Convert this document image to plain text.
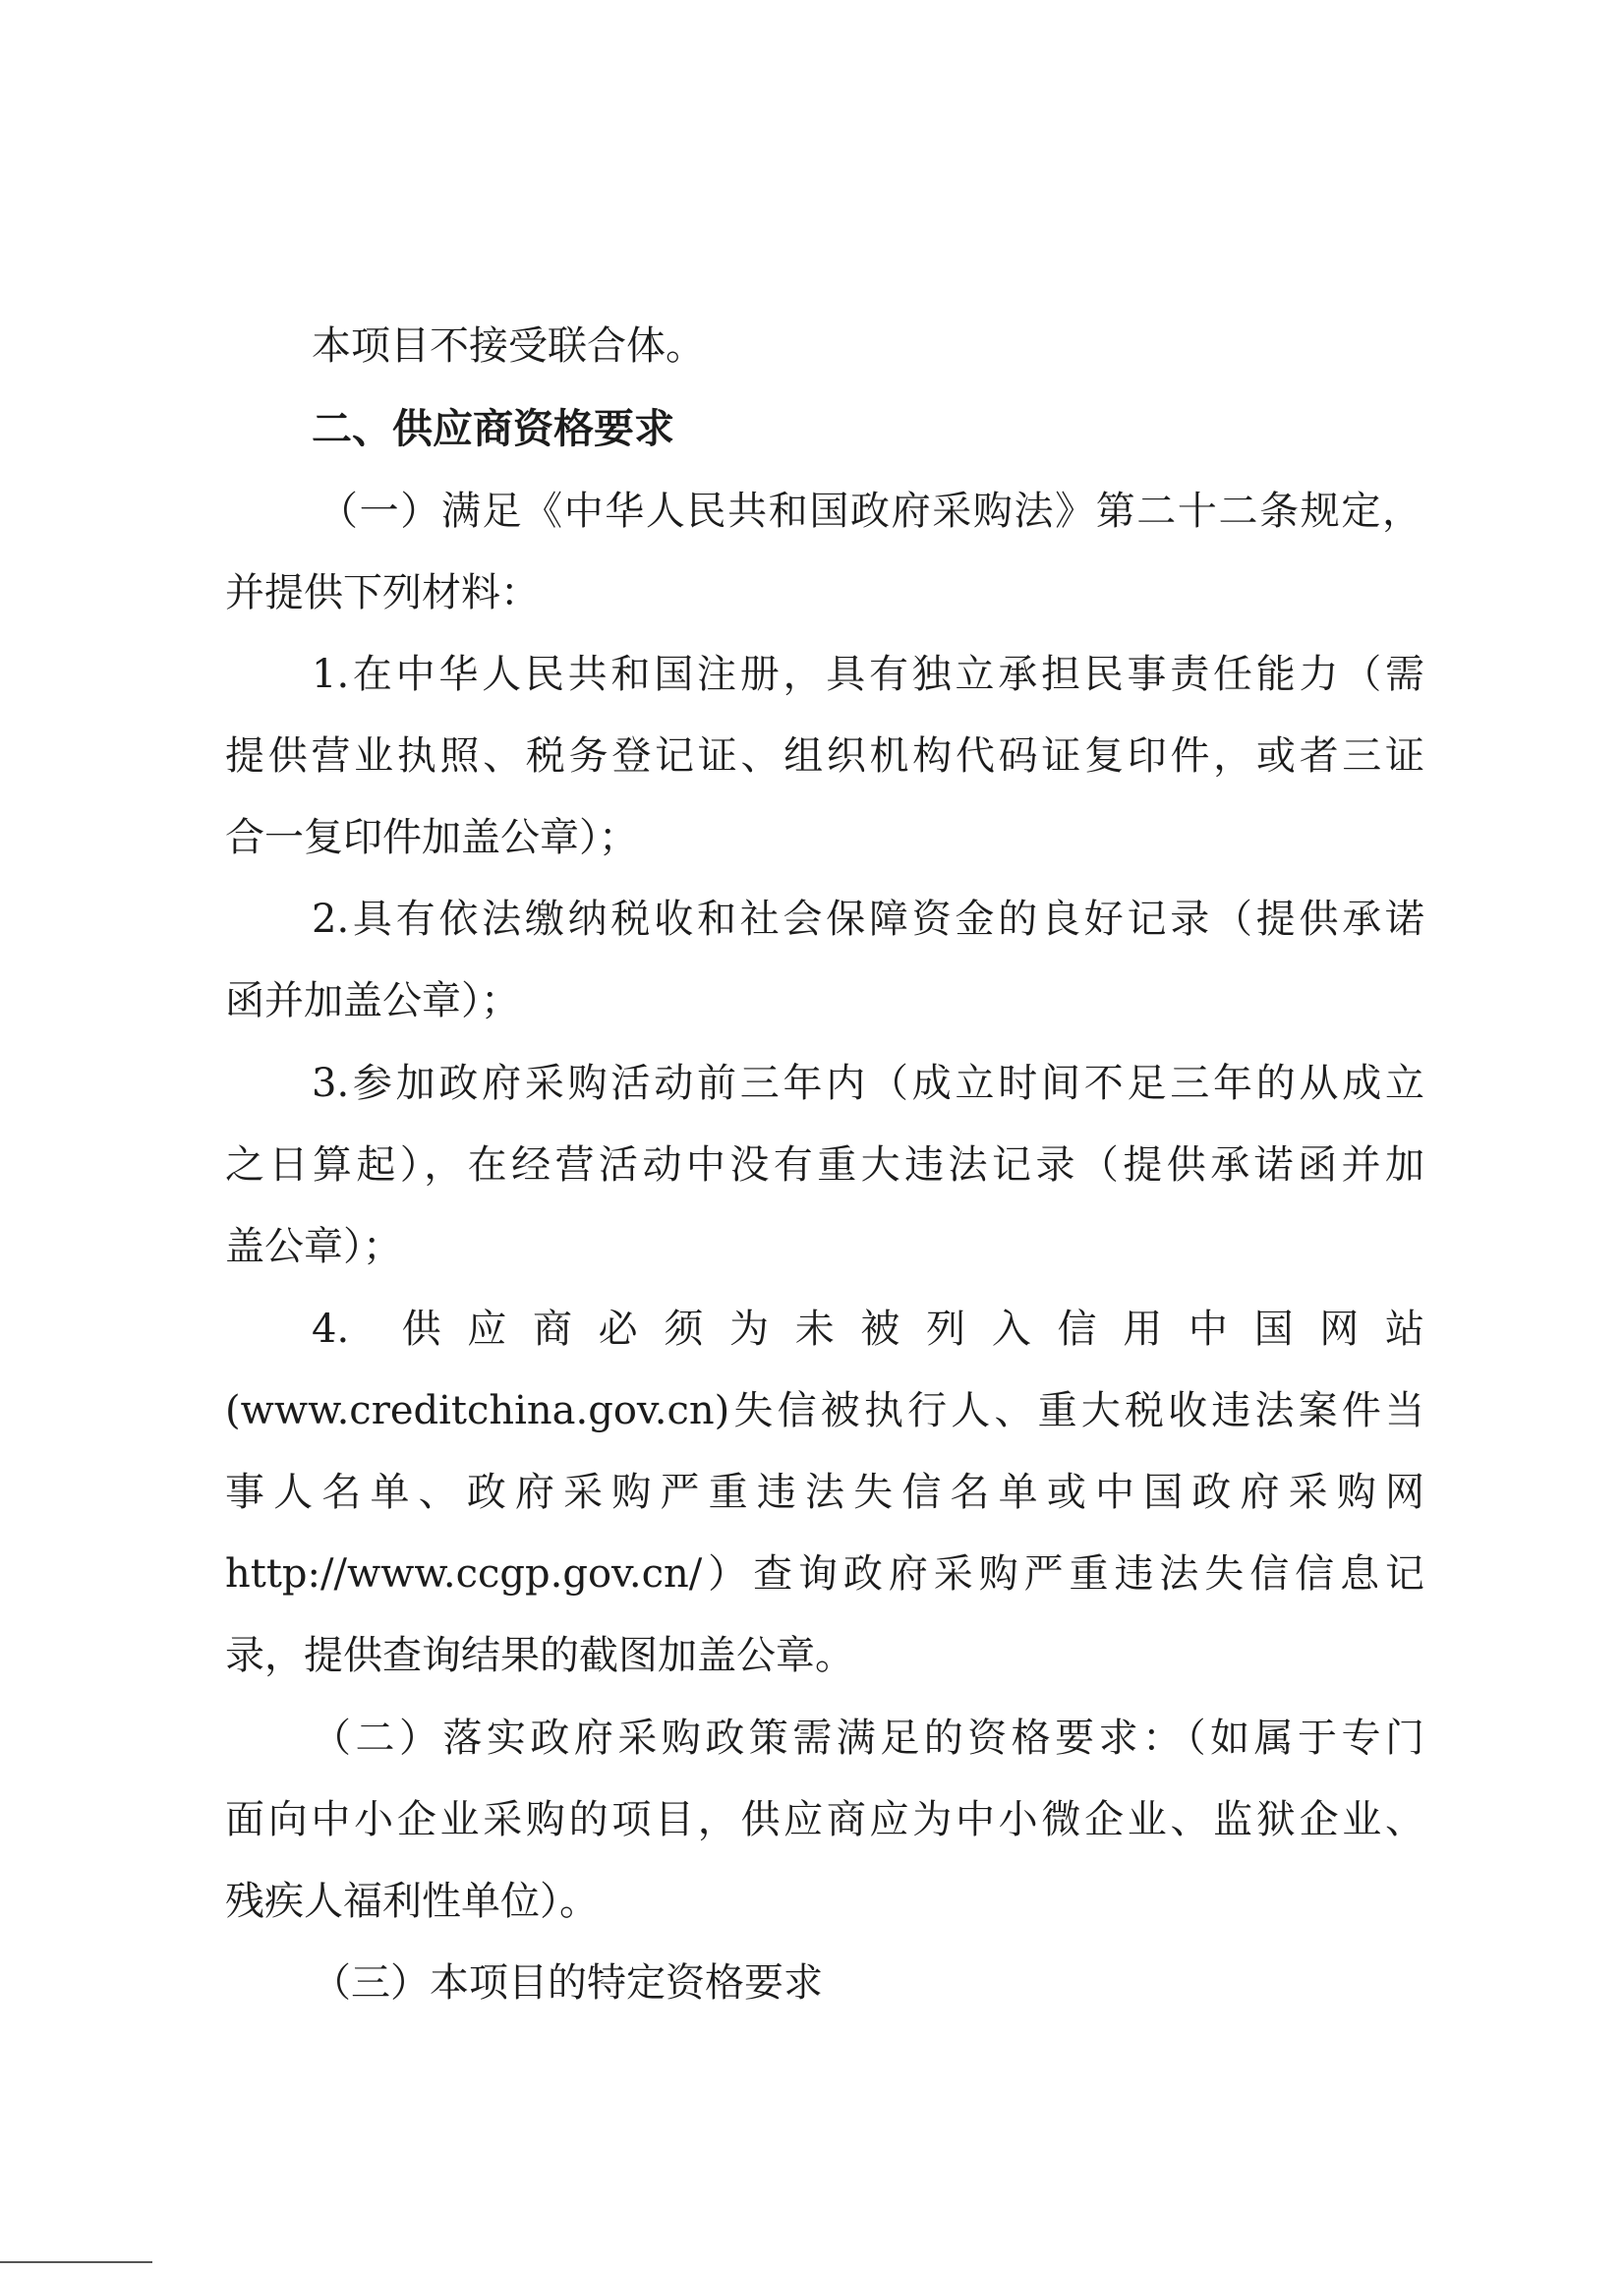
本项目不接受联合体。
二、供应商资格要求
（一）满足《中华人民共和国政府采购法》第二十二条规定，
并提供下列材料：
1.在中华人民共和国注册，具有独立承担民事责任能力（需
提供营业执照、税务登记证、组织机构代码证复印件，或者三证
合一复印件加盖公章）；
2.具有依法缴纳税收和社会保障资金的良好记录（提供承诺
函并加盖公章）；
3.参加政府采购活动前三年内（成立时间不足三年的从成立
之日算起），在经营活动中没有重大违法记录（提供承诺函并加
盖公章）；
4. 供应商必须为未被列入信用中国网站
(www.creditchina.gov.cn)失信被执行人、重大税收违法案件当
事人名单、政府采购严重违法失信名单或中国政府采购网
http://www.ccgp.gov.cn/）查询政府采购严重违法失信信息记
录，提供查询结果的截图加盖公章。
（二）落实政府采购政策需满足的资格要求：（如属于专门
面向中小企业采购的项目，供应商应为中小微企业、监狱企业、
残疾人福利性单位）。
（三）本项目的特定资格要求
